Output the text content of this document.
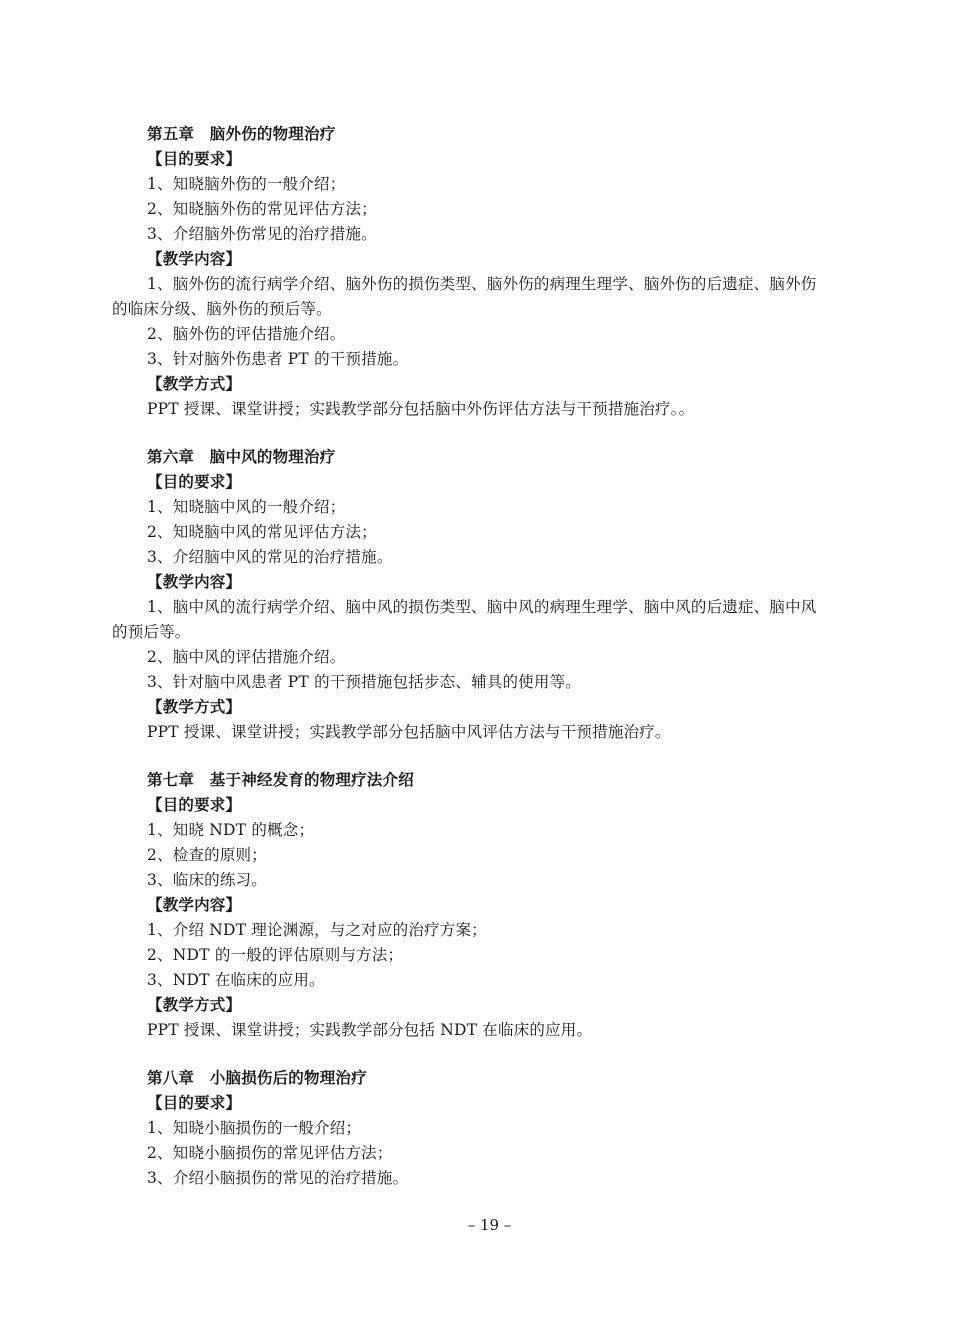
第五章　脑外伤的物理治疗
【目的要求】
1、知晓脑外伤的一般介绍；
2、知晓脑外伤的常见评估方法；
3、介绍脑外伤常见的治疗措施。
【教学内容】
1、脑外伤的流行病学介绍、脑外伤的损伤类型、脑外伤的病理生理学、脑外伤的后遗症、脑外伤
的临床分级、脑外伤的预后等。
2、脑外伤的评估措施介绍。
3、针对脑外伤患者 PT 的干预措施。
【教学方式】
PPT 授课、课堂讲授；实践教学部分包括脑中外伤评估方法与干预措施治疗。。
第六章　脑中风的物理治疗
【目的要求】
1、知晓脑中风的一般介绍；
2、知晓脑中风的常见评估方法；
3、介绍脑中风的常见的治疗措施。
【教学内容】
1、脑中风的流行病学介绍、脑中风的损伤类型、脑中风的病理生理学、脑中风的后遗症、脑中风
的预后等。
2、脑中风的评估措施介绍。
3、针对脑中风患者 PT 的干预措施包括步态、辅具的使用等。
【教学方式】
PPT 授课、课堂讲授；实践教学部分包括脑中风评估方法与干预措施治疗。
第七章　基于神经发育的物理疗法介绍
【目的要求】
1、知晓 NDT 的概念；
2、检查的原则；
3、临床的练习。
【教学内容】
1、介绍 NDT 理论渊源，与之对应的治疗方案；
2、NDT 的一般的评估原则与方法；
3、NDT 在临床的应用。
【教学方式】
PPT 授课、课堂讲授；实践教学部分包括 NDT 在临床的应用。
第八章　小脑损伤后的物理治疗
【目的要求】
1、知晓小脑损伤的一般介绍；
2、知晓小脑损伤的常见评估方法；
3、介绍小脑损伤的常见的治疗措施。
– 19 –
